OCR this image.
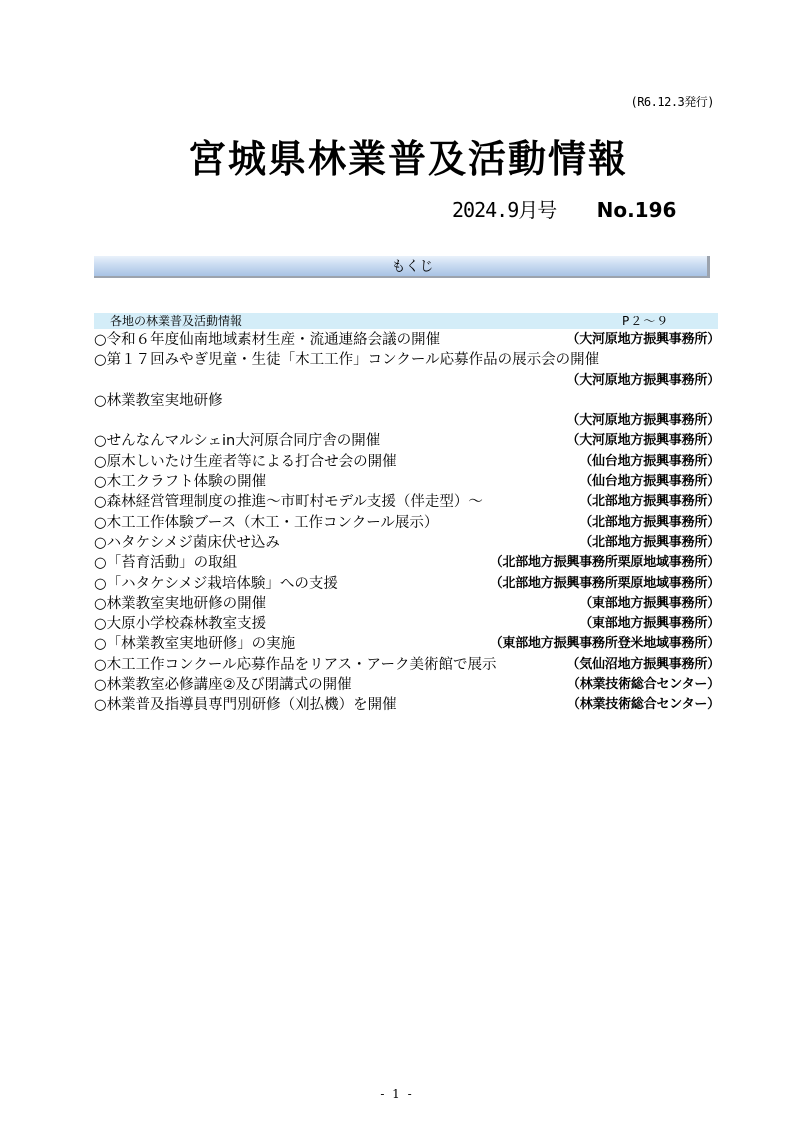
(R6.12.3発行)
宮城県林業普及活動情報
2024.9月号 No.196
もくじ
各地の林業普及活動情報	P２～９
○令和６年度仙南地域素材生産・流通連絡会議の開催	（大河原地方振興事務所）
○第１７回みやぎ児童・生徒「木工工作」コンクール応募作品の展示会の開催
（大河原地方振興事務所）
○林業教室実地研修
（大河原地方振興事務所）
○せんなんマルシェin大河原合同庁舎の開催	（大河原地方振興事務所）
○原木しいたけ生産者等による打合せ会の開催	（仙台地方振興事務所）
○木工クラフト体験の開催	（仙台地方振興事務所）
○森林経営管理制度の推進～市町村モデル支援（伴走型）～	（北部地方振興事務所）
○木工工作体験ブース（木工・工作コンクール展示）	（北部地方振興事務所）
○ハタケシメジ菌床伏せ込み	（北部地方振興事務所）
○「苔育活動」の取組	（北部地方振興事務所栗原地域事務所）
○「ハタケシメジ栽培体験」への支援	（北部地方振興事務所栗原地域事務所）
○林業教室実地研修の開催	（東部地方振興事務所）
○大原小学校森林教室支援	（東部地方振興事務所）
○「林業教室実地研修」の実施	（東部地方振興事務所登米地域事務所）
○木工工作コンクール応募作品をリアス・アーク美術館で展示	（気仙沼地方振興事務所）
○林業教室必修講座②及び閉講式の開催	（林業技術総合センター）
○林業普及指導員専門別研修（刈払機）を開催	（林業技術総合センター）
- 1 -
